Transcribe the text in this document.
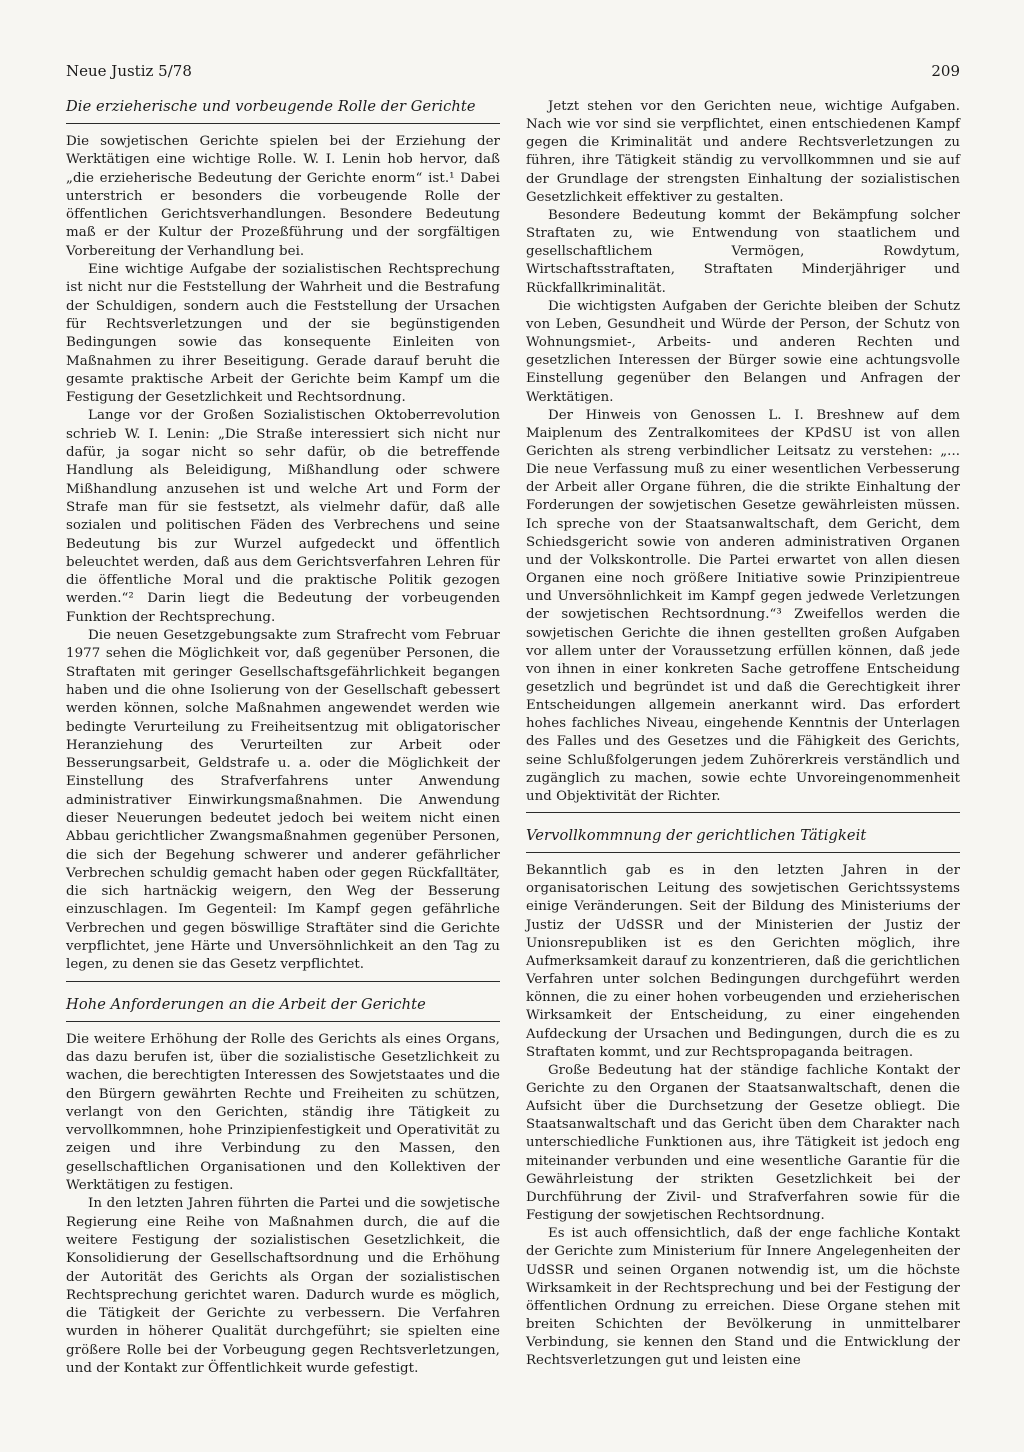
Neue Justiz 5/78	209
Die erzieherische und vorbeugende Rolle der Gerichte

Die sowjetischen Gerichte spielen bei der Erziehung der Werktätigen eine wichtige Rolle. W. I. Lenin hob hervor, daß „die erzieherische Bedeutung der Gerichte enorm“ ist.¹ Dabei unterstrich er besonders die vorbeugende Rolle der öffentlichen Gerichtsverhandlungen. Besondere Bedeutung maß er der Kultur der Prozeßführung und der sorgfältigen Vorbereitung der Verhandlung bei.

Eine wichtige Aufgabe der sozialistischen Rechtsprechung ist nicht nur die Feststellung der Wahrheit und die Bestrafung der Schuldigen, sondern auch die Feststellung der Ursachen für Rechtsverletzungen und der sie begünstigenden Bedingungen sowie das konsequente Einleiten von Maßnahmen zu ihrer Beseitigung. Gerade darauf beruht die gesamte praktische Arbeit der Gerichte beim Kampf um die Festigung der Gesetzlichkeit und Rechtsordnung.

Lange vor der Großen Sozialistischen Oktoberrevolution schrieb W. I. Lenin: „Die Straße interessiert sich nicht nur dafür, ja sogar nicht so sehr dafür, ob die betreffende Handlung als Beleidigung, Mißhandlung oder schwere Mißhandlung anzusehen ist und welche Art und Form der Strafe man für sie festsetzt, als vielmehr dafür, daß alle sozialen und politischen Fäden des Verbrechens und seine Bedeutung bis zur Wurzel aufgedeckt und öffentlich beleuchtet werden, daß aus dem Gerichtsverfahren Lehren für die öffentliche Moral und die praktische Politik gezogen werden.“² Darin liegt die Bedeutung der vorbeugenden Funktion der Rechtsprechung.

Die neuen Gesetzgebungsakte zum Strafrecht vom Februar 1977 sehen die Möglichkeit vor, daß gegenüber Personen, die Straftaten mit geringer Gesellschaftsgefährlichkeit begangen haben und die ohne Isolierung von der Gesellschaft gebessert werden können, solche Maßnahmen angewendet werden wie bedingte Verurteilung zu Freiheitsentzug mit obligatorischer Heranziehung des Verurteilten zur Arbeit oder Besserungsarbeit, Geldstrafe u. a. oder die Möglichkeit der Einstellung des Strafverfahrens unter Anwendung administrativer Einwirkungsmaßnahmen. Die Anwendung dieser Neuerungen bedeutet jedoch bei weitem nicht einen Abbau gerichtlicher Zwangsmaßnahmen gegenüber Personen, die sich der Begehung schwerer und anderer gefährlicher Verbrechen schuldig gemacht haben oder gegen Rückfalltäter, die sich hartnäckig weigern, den Weg der Besserung einzuschlagen. Im Gegenteil: Im Kampf gegen gefährliche Verbrechen und gegen böswillige Straftäter sind die Gerichte verpflichtet, jene Härte und Unversöhnlichkeit an den Tag zu legen, zu denen sie das Gesetz verpflichtet.

Hohe Anforderungen an die Arbeit der Gerichte

Die weitere Erhöhung der Rolle des Gerichts als eines Organs, das dazu berufen ist, über die sozialistische Gesetzlichkeit zu wachen, die berechtigten Interessen des Sowjetstaates und die den Bürgern gewährten Rechte und Freiheiten zu schützen, verlangt von den Gerichten, ständig ihre Tätigkeit zu vervollkommnen, hohe Prinzipienfestigkeit und Operativität zu zeigen und ihre Verbindung zu den Massen, den gesellschaftlichen Organisationen und den Kollektiven der Werktätigen zu festigen.

In den letzten Jahren führten die Partei und die sowjetische Regierung eine Reihe von Maßnahmen durch, die auf die weitere Festigung der sozialistischen Gesetzlichkeit, die Konsolidierung der Gesellschaftsordnung und die Erhöhung der Autorität des Gerichts als Organ der sozialistischen Rechtsprechung gerichtet waren. Dadurch wurde es möglich, die Tätigkeit der Gerichte zu verbessern. Die Verfahren wurden in höherer Qualität durchgeführt; sie spielten eine größere Rolle bei der Vorbeugung gegen Rechtsverletzungen, und der Kontakt zur Öffentlichkeit wurde gefestigt.

Jetzt stehen vor den Gerichten neue, wichtige Aufgaben. Nach wie vor sind sie verpflichtet, einen entschiedenen Kampf gegen die Kriminalität und andere Rechtsverletzungen zu führen, ihre Tätigkeit ständig zu vervollkommnen und sie auf der Grundlage der strengsten Einhaltung der sozialistischen Gesetzlichkeit effektiver zu gestalten.

Besondere Bedeutung kommt der Bekämpfung solcher Straftaten zu, wie Entwendung von staatlichem und gesellschaftlichem Vermögen, Rowdytum, Wirtschaftsstraftaten, Straftaten Minderjähriger und Rückfallkriminalität.

Die wichtigsten Aufgaben der Gerichte bleiben der Schutz von Leben, Gesundheit und Würde der Person, der Schutz von Wohnungsmiet-, Arbeits- und anderen Rechten und gesetzlichen Interessen der Bürger sowie eine achtungsvolle Einstellung gegenüber den Belangen und Anfragen der Werktätigen.

Der Hinweis von Genossen L. I. Breshnew auf dem Maiplenum des Zentralkomitees der KPdSU ist von allen Gerichten als streng verbindlicher Leitsatz zu verstehen: „... Die neue Verfassung muß zu einer wesentlichen Verbesserung der Arbeit aller Organe führen, die die strikte Einhaltung der Forderungen der sowjetischen Gesetze gewährleisten müssen. Ich spreche von der Staatsanwaltschaft, dem Gericht, dem Schiedsgericht sowie von anderen administrativen Organen und der Volkskontrolle. Die Partei erwartet von allen diesen Organen eine noch größere Initiative sowie Prinzipientreue und Unversöhnlichkeit im Kampf gegen jedwede Verletzungen der sowjetischen Rechtsordnung.“³ Zweifellos werden die sowjetischen Gerichte die ihnen gestellten großen Aufgaben vor allem unter der Voraussetzung erfüllen können, daß jede von ihnen in einer konkreten Sache getroffene Entscheidung gesetzlich und begründet ist und daß die Gerechtigkeit ihrer Entscheidungen allgemein anerkannt wird. Das erfordert hohes fachliches Niveau, eingehende Kenntnis der Unterlagen des Falles und des Gesetzes und die Fähigkeit des Gerichts, seine Schlußfolgerungen jedem Zuhörerkreis verständlich und zugänglich zu machen, sowie echte Unvoreingenommenheit und Objektivität der Richter.

Vervollkommnung der gerichtlichen Tätigkeit

Bekanntlich gab es in den letzten Jahren in der organisatorischen Leitung des sowjetischen Gerichtssystems einige Veränderungen. Seit der Bildung des Ministeriums der Justiz der UdSSR und der Ministerien der Justiz der Unionsrepubliken ist es den Gerichten möglich, ihre Aufmerksamkeit darauf zu konzentrieren, daß die gerichtlichen Verfahren unter solchen Bedingungen durchgeführt werden können, die zu einer hohen vorbeugenden und erzieherischen Wirksamkeit der Entscheidung, zu einer eingehenden Aufdeckung der Ursachen und Bedingungen, durch die es zu Straftaten kommt, und zur Rechtspropaganda beitragen.

Große Bedeutung hat der ständige fachliche Kontakt der Gerichte zu den Organen der Staatsanwaltschaft, denen die Aufsicht über die Durchsetzung der Gesetze obliegt. Die Staatsanwaltschaft und das Gericht üben dem Charakter nach unterschiedliche Funktionen aus, ihre Tätigkeit ist jedoch eng miteinander verbunden und eine wesentliche Garantie für die Gewährleistung der strikten Gesetzlichkeit bei der Durchführung der Zivil- und Strafverfahren sowie für die Festigung der sowjetischen Rechtsordnung.

Es ist auch offensichtlich, daß der enge fachliche Kontakt der Gerichte zum Ministerium für Innere Angelegenheiten der UdSSR und seinen Organen notwendig ist, um die höchste Wirksamkeit in der Rechtsprechung und bei der Festigung der öffentlichen Ordnung zu erreichen. Diese Organe stehen mit breiten Schichten der Bevölkerung in unmittelbarer Verbindung, sie kennen den Stand und die Entwicklung der Rechtsverletzungen gut und leisten eine
